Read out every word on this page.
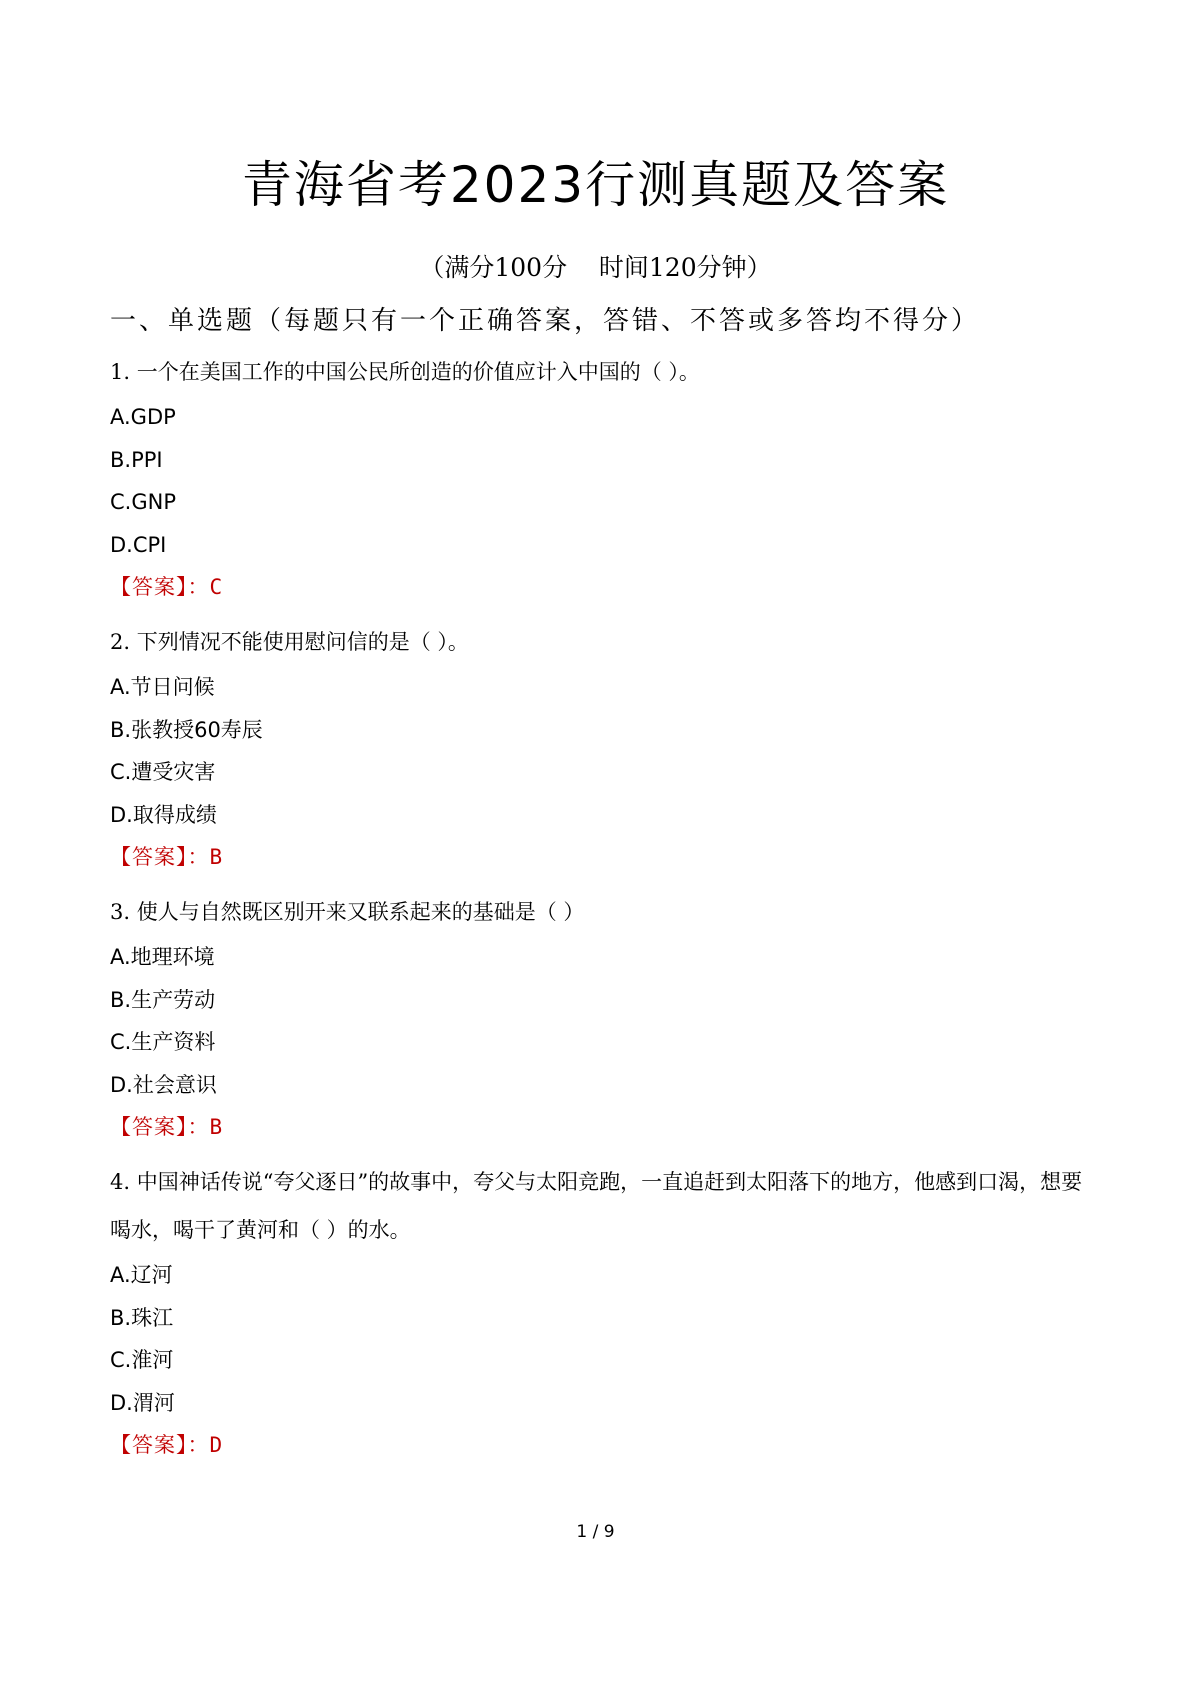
青海省考2023行测真题及答案
（满分100分    时间120分钟）
一、单选题（每题只有一个正确答案，答错、不答或多答均不得分）
1. 一个在美国工作的中国公民所创造的价值应计入中国的（ ）。
A.GDP
B.PPI
C.GNP
D.CPI
【答案】：C
2. 下列情况不能使用慰问信的是（ ）。
A.节日问候
B.张教授60寿辰
C.遭受灾害
D.取得成绩
【答案】：B
3. 使人与自然既区别开来又联系起来的基础是（ ）
A.地理环境
B.生产劳动
C.生产资料
D.社会意识
【答案】：B
4. 中国神话传说“夸父逐日”的故事中，夸父与太阳竞跑，一直追赶到太阳落下的地方，他感到口渴，想要喝水，喝干了黄河和（ ）的水。
A.辽河
B.珠江
C.淮河
D.渭河
【答案】：D
1 / 9
